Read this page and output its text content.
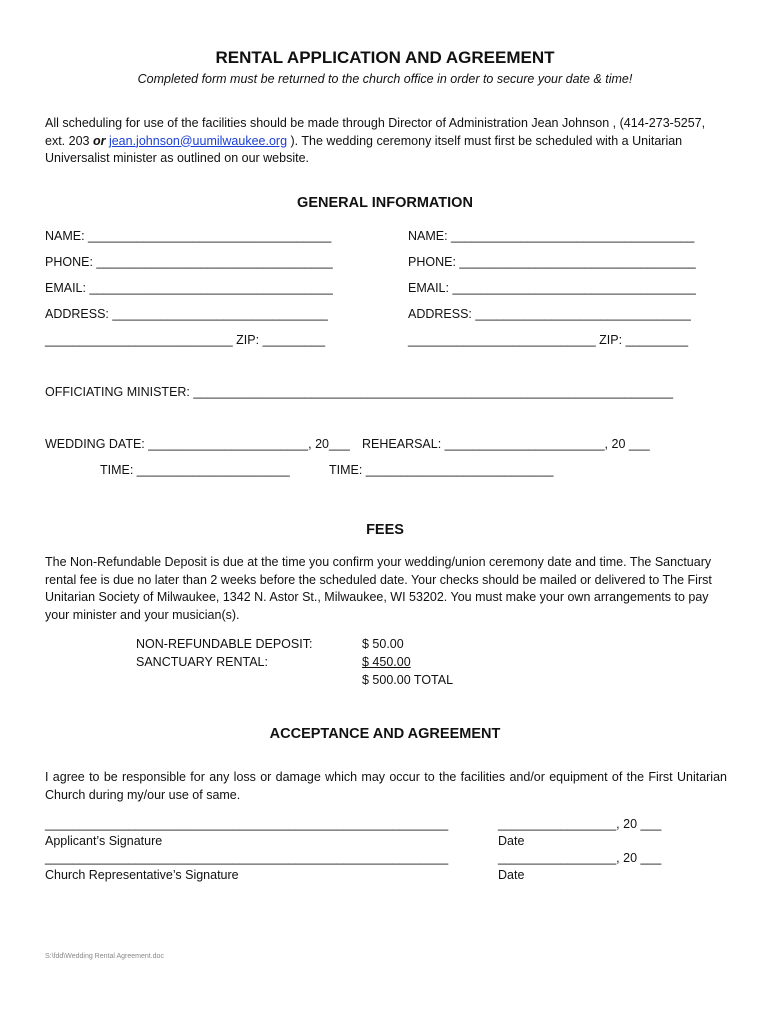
RENTAL APPLICATION AND AGREEMENT
Completed form must be returned to the church office in order to secure your date & time!
All scheduling for use of the facilities should be made through Director of Administration Jean Johnson , (414-273-5257, ext. 203 or jean.johnson@uumilwaukee.org ). The wedding ceremony itself must first be scheduled with a Unitarian Universalist minister as outlined on our website.
GENERAL INFORMATION
NAME: ___________________________________	NAME: ___________________________________
PHONE: __________________________________	PHONE: __________________________________
EMAIL: ___________________________________	EMAIL: ___________________________________
ADDRESS: _______________________________	ADDRESS: _______________________________
___________________________ ZIP: _________	___________________________ ZIP: _________
OFFICIATING MINISTER: _____________________________________________________________________
WEDDING DATE: _______________________, 20___ REHEARSAL: _______________________, 20 ___
TIME: ______________________	TIME: ___________________________
FEES
The Non-Refundable Deposit is due at the time you confirm your wedding/union ceremony date and time. The Sanctuary rental fee is due no later than 2 weeks before the scheduled date. Your checks should be mailed or delivered to The First Unitarian Society of Milwaukee, 1342 N. Astor St., Milwaukee, WI 53202. You must make your own arrangements to pay your minister and your musician(s).
NON-REFUNDABLE DEPOSIT:	$ 50.00
SANCTUARY RENTAL:	$ 450.00
$ 500.00 TOTAL
ACCEPTANCE AND AGREEMENT
I agree to be responsible for any loss or damage which may occur to the facilities and/or equipment of the First Unitarian Church during my/our use of same.
__________________________________________________________	_________________, 20 ___
Applicant’s Signature	Date
__________________________________________________________	_________________, 20 ___
Church Representative’s Signature	Date
S:\fdd\Wedding Rental Agreement.doc
